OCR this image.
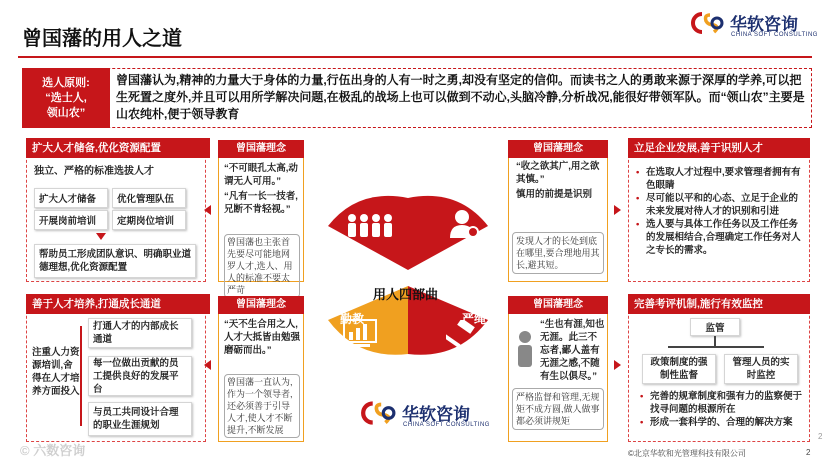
曾国藩的用人之道
华软咨询
CHINA SOFT CONSULTING
选人原则:
“选士人,
领山农”
曾国藩认为,精神的力量大于身体的力量,行伍出身的人有一时之勇,却没有坚定的信仰。而读书之人的勇敢来源于深厚的学养,可以把生死置之度外,并且可以用所学解决问题,在极乱的战场上也可以做到不动心,头脑冷静,分析战况,能很好带领军队。而“领山农”主要是山农纯朴,便于领导教育
扩大人才储备,优化资源配置
独立、严格的标准选拔人才
扩大人才储备	优化管理队伍
开展岗前培训	定期岗位培训
帮助员工形成团队意识、明确职业道德理想,优化资源配置
曾国藩理念
“不可眼孔太高,动谓无人可用。”
“凡有一长一技者,兄断不肯轻视。”
曾国藩也主张首先要尽可能地网罗人才,选人、用人的标准不要太严苛
曾国藩理念
“收之欲其广,用之欲其慎。”
慎用的前提是识别
发现人才的长处到底在哪里,要合理地用其长,避其短。
立足企业发展,善于识别人才
• 在选取人才过程中,要求管理者拥有有色眼睛
• 尽可能以平和的心态、立足于企业的未来发展对待人才的识别和引进
• 选人要与具体工作任务以及工作任务的发展相结合,合理确定工作任务对人之专长的需求。
广收	慎用
勤教	严绳
用人四部曲
善于人才培养,打通成长通道
注重人力资源培训,舍得在人才培养方面投入
打通人才的内部成长通道
每一位做出贡献的员工提供良好的发展平台
与员工共同设计合理的职业生涯规划
曾国藩理念
“天不生合用之人,人才大抵皆由勉强磨砺而出。”
曾国藩一直认为,作为一个领导者,还必须善于引导人才,使人才不断提升,不断发展
曾国藩理念
“生也有涯,知也无涯。此三不忘者,鄙人盖有无涯之感,不随有生以俱尽。”
严格监督和管理,无规矩不成方圆,做人做事都必须讲规矩
完善考评机制,施行有效监控
监管
政策制度的强制性监督
管理人员的实时监控
• 完善的规章制度和强有力的监察便于找寻问题的根源所在
• 形成一套科学的、合理的解决方案
华软咨询
CHINA SOFT CONSULTING
© 六数咨询	©北京华软和光管理科技有限公司	2
2
